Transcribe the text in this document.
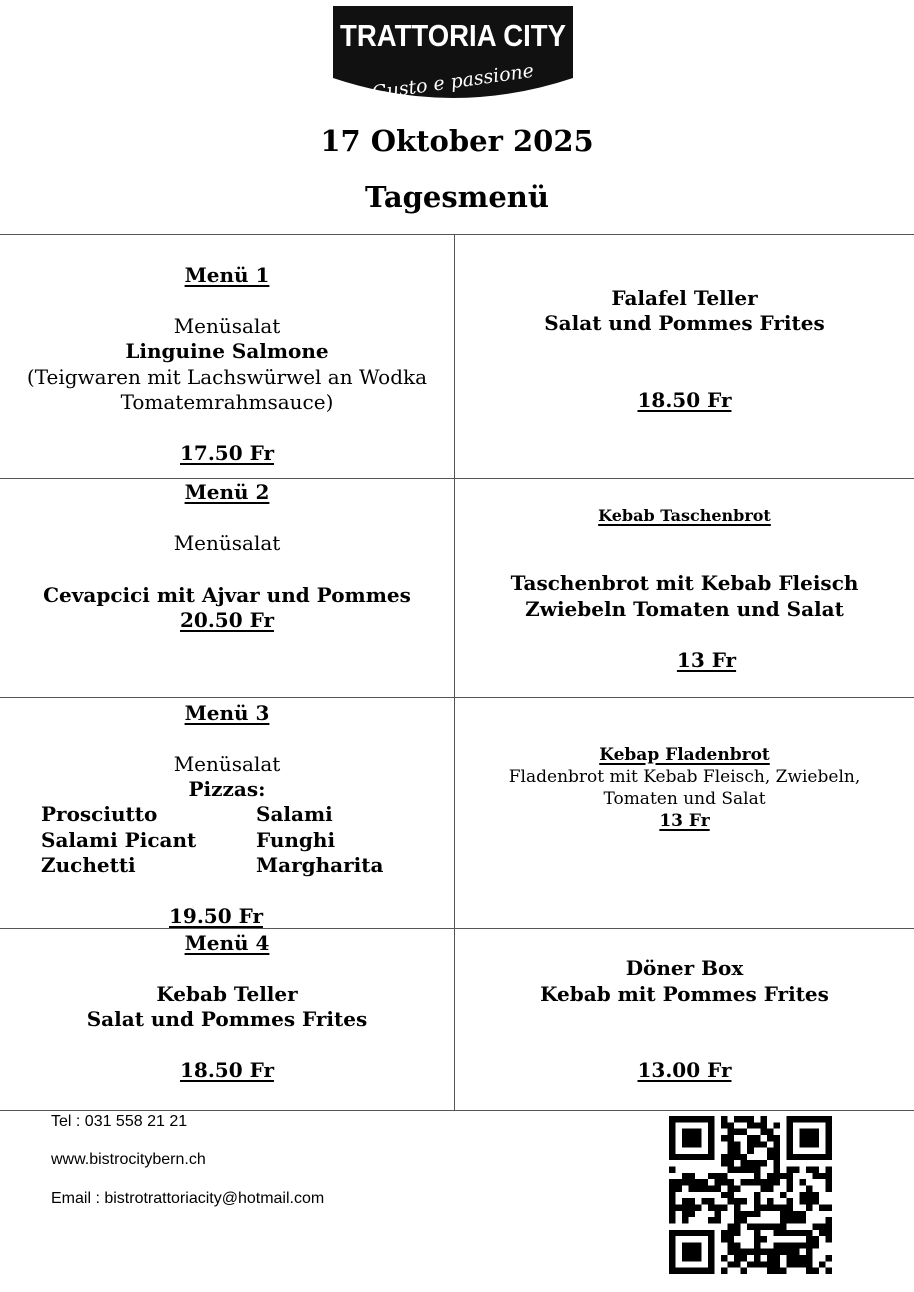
TRATTORIA CITY
Gusto e passione
17 Oktober 2025
Tagesmenü
Menü 1
Menüsalat
Linguine Salmone
(Teigwaren mit Lachswürwel an Wodka
Tomatemrahmsauce)
17.50 Fr
Falafel Teller
Salat und Pommes Frites
18.50 Fr
Menü 2
Menüsalat
Cevapcici mit Ajvar und Pommes
20.50 Fr
Kebab Taschenbrot
Taschenbrot mit Kebab Fleisch
Zwiebeln Tomaten und Salat
13 Fr
Menü 3
Menüsalat
Pizzas:
Prosciutto
Salami Picant
Zuchetti
Salami
Funghi
Margharita
19.50 Fr
Kebap Fladenbrot
Fladenbrot mit Kebab Fleisch, Zwiebeln,
Tomaten und Salat
13 Fr
Menü 4
Kebab Teller
Salat und Pommes Frites
18.50 Fr
Döner Box
Kebab mit Pommes Frites
13.00 Fr
Tel : 031 558 21 21
www.bistrocitybern.ch
Email : bistrotrattoriacity@hotmail.com
